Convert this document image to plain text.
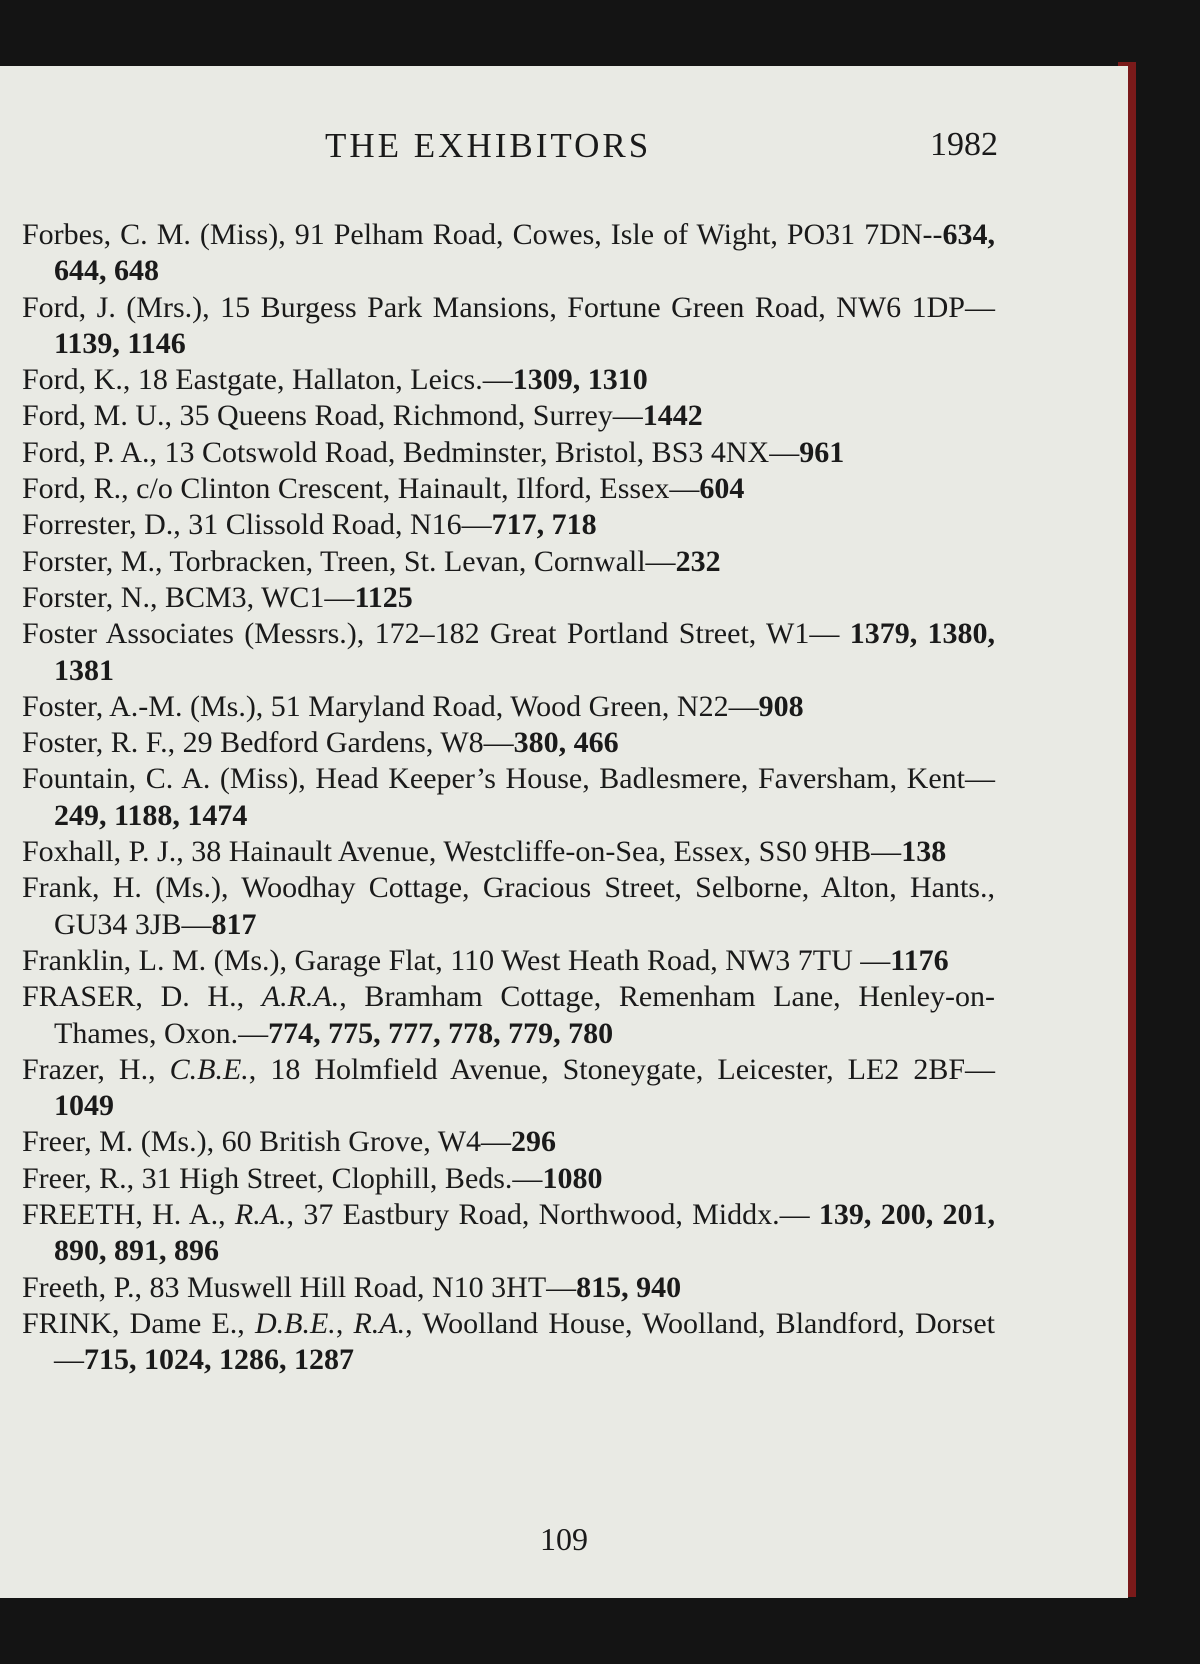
THE EXHIBITORS	1982

Forbes, C. M. (Miss), 91 Pelham Road, Cowes, Isle of Wight, PO31 7DN--634, 644, 648

Ford, J. (Mrs.), 15 Burgess Park Mansions, Fortune Green Road, NW6 1DP—1139, 1146

Ford, K., 18 Eastgate, Hallaton, Leics.—1309, 1310

Ford, M. U., 35 Queens Road, Richmond, Surrey—1442

Ford, P. A., 13 Cotswold Road, Bedminster, Bristol, BS3 4NX—961

Ford, R., c/o Clinton Crescent, Hainault, Ilford, Essex—604

Forrester, D., 31 Clissold Road, N16—717, 718

Forster, M., Torbracken, Treen, St. Levan, Cornwall—232

Forster, N., BCM3, WC1—1125

Foster Associates (Messrs.), 172–182 Great Portland Street, W1— 1379, 1380, 1381

Foster, A.-M. (Ms.), 51 Maryland Road, Wood Green, N22—908

Foster, R. F., 29 Bedford Gardens, W8—380, 466

Fountain, C. A. (Miss), Head Keeper’s House, Badlesmere, Faversham, Kent—249, 1188, 1474

Foxhall, P. J., 38 Hainault Avenue, Westcliffe-on-Sea, Essex, SS0 9HB—138

Frank, H. (Ms.), Woodhay Cottage, Gracious Street, Selborne, Alton, Hants., GU34 3JB—817

Franklin, L. M. (Ms.), Garage Flat, 110 West Heath Road, NW3 7TU —1176

FRASER, D. H., A.R.A., Bramham Cottage, Remenham Lane, Henley-on-Thames, Oxon.—774, 775, 777, 778, 779, 780

Frazer, H., C.B.E., 18 Holmfield Avenue, Stoneygate, Leicester, LE2 2BF—1049

Freer, M. (Ms.), 60 British Grove, W4—296

Freer, R., 31 High Street, Clophill, Beds.—1080

FREETH, H. A., R.A., 37 Eastbury Road, Northwood, Middx.— 139, 200, 201, 890, 891, 896

Freeth, P., 83 Muswell Hill Road, N10 3HT—815, 940

FRINK, Dame E., D.B.E., R.A., Woolland House, Woolland, Blandford, Dorset—715, 1024, 1286, 1287

109
